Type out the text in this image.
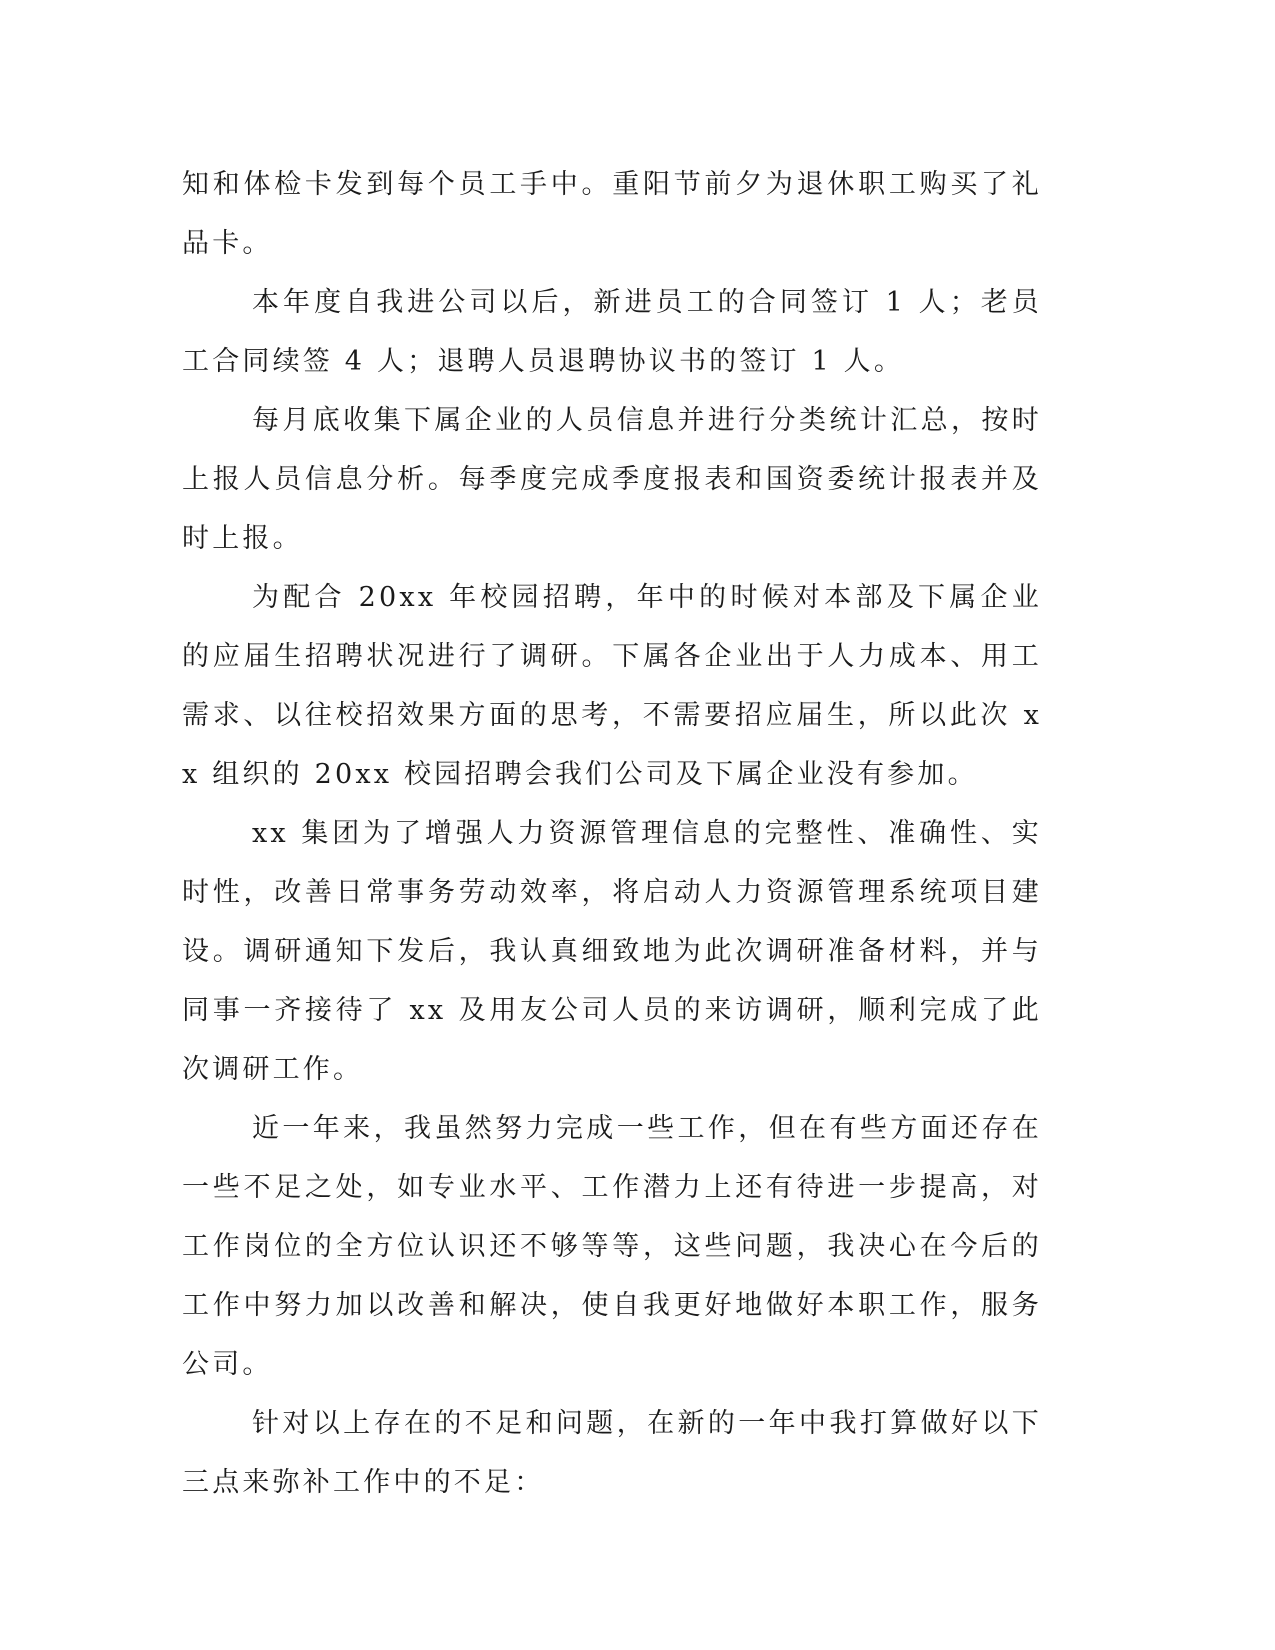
知和体检卡发到每个员工手中。重阳节前夕为退休职工购买了礼品卡。

本年度自我进公司以后，新进员工的合同签订 1 人；老员工合同续签 4 人；退聘人员退聘协议书的签订 1 人。

每月底收集下属企业的人员信息并进行分类统计汇总，按时上报人员信息分析。每季度完成季度报表和国资委统计报表并及时上报。

为配合 20xx 年校园招聘，年中的时候对本部及下属企业的应届生招聘状况进行了调研。下属各企业出于人力成本、用工需求、以往校招效果方面的思考，不需要招应届生，所以此次 xx 组织的 20xx 校园招聘会我们公司及下属企业没有参加。

xx 集团为了增强人力资源管理信息的完整性、准确性、实时性，改善日常事务劳动效率，将启动人力资源管理系统项目建设。调研通知下发后，我认真细致地为此次调研准备材料，并与同事一齐接待了 xx 及用友公司人员的来访调研，顺利完成了此次调研工作。

近一年来，我虽然努力完成一些工作，但在有些方面还存在一些不足之处，如专业水平、工作潜力上还有待进一步提高，对工作岗位的全方位认识还不够等等，这些问题，我决心在今后的工作中努力加以改善和解决，使自我更好地做好本职工作，服务公司。

针对以上存在的不足和问题，在新的一年中我打算做好以下三点来弥补工作中的不足：
